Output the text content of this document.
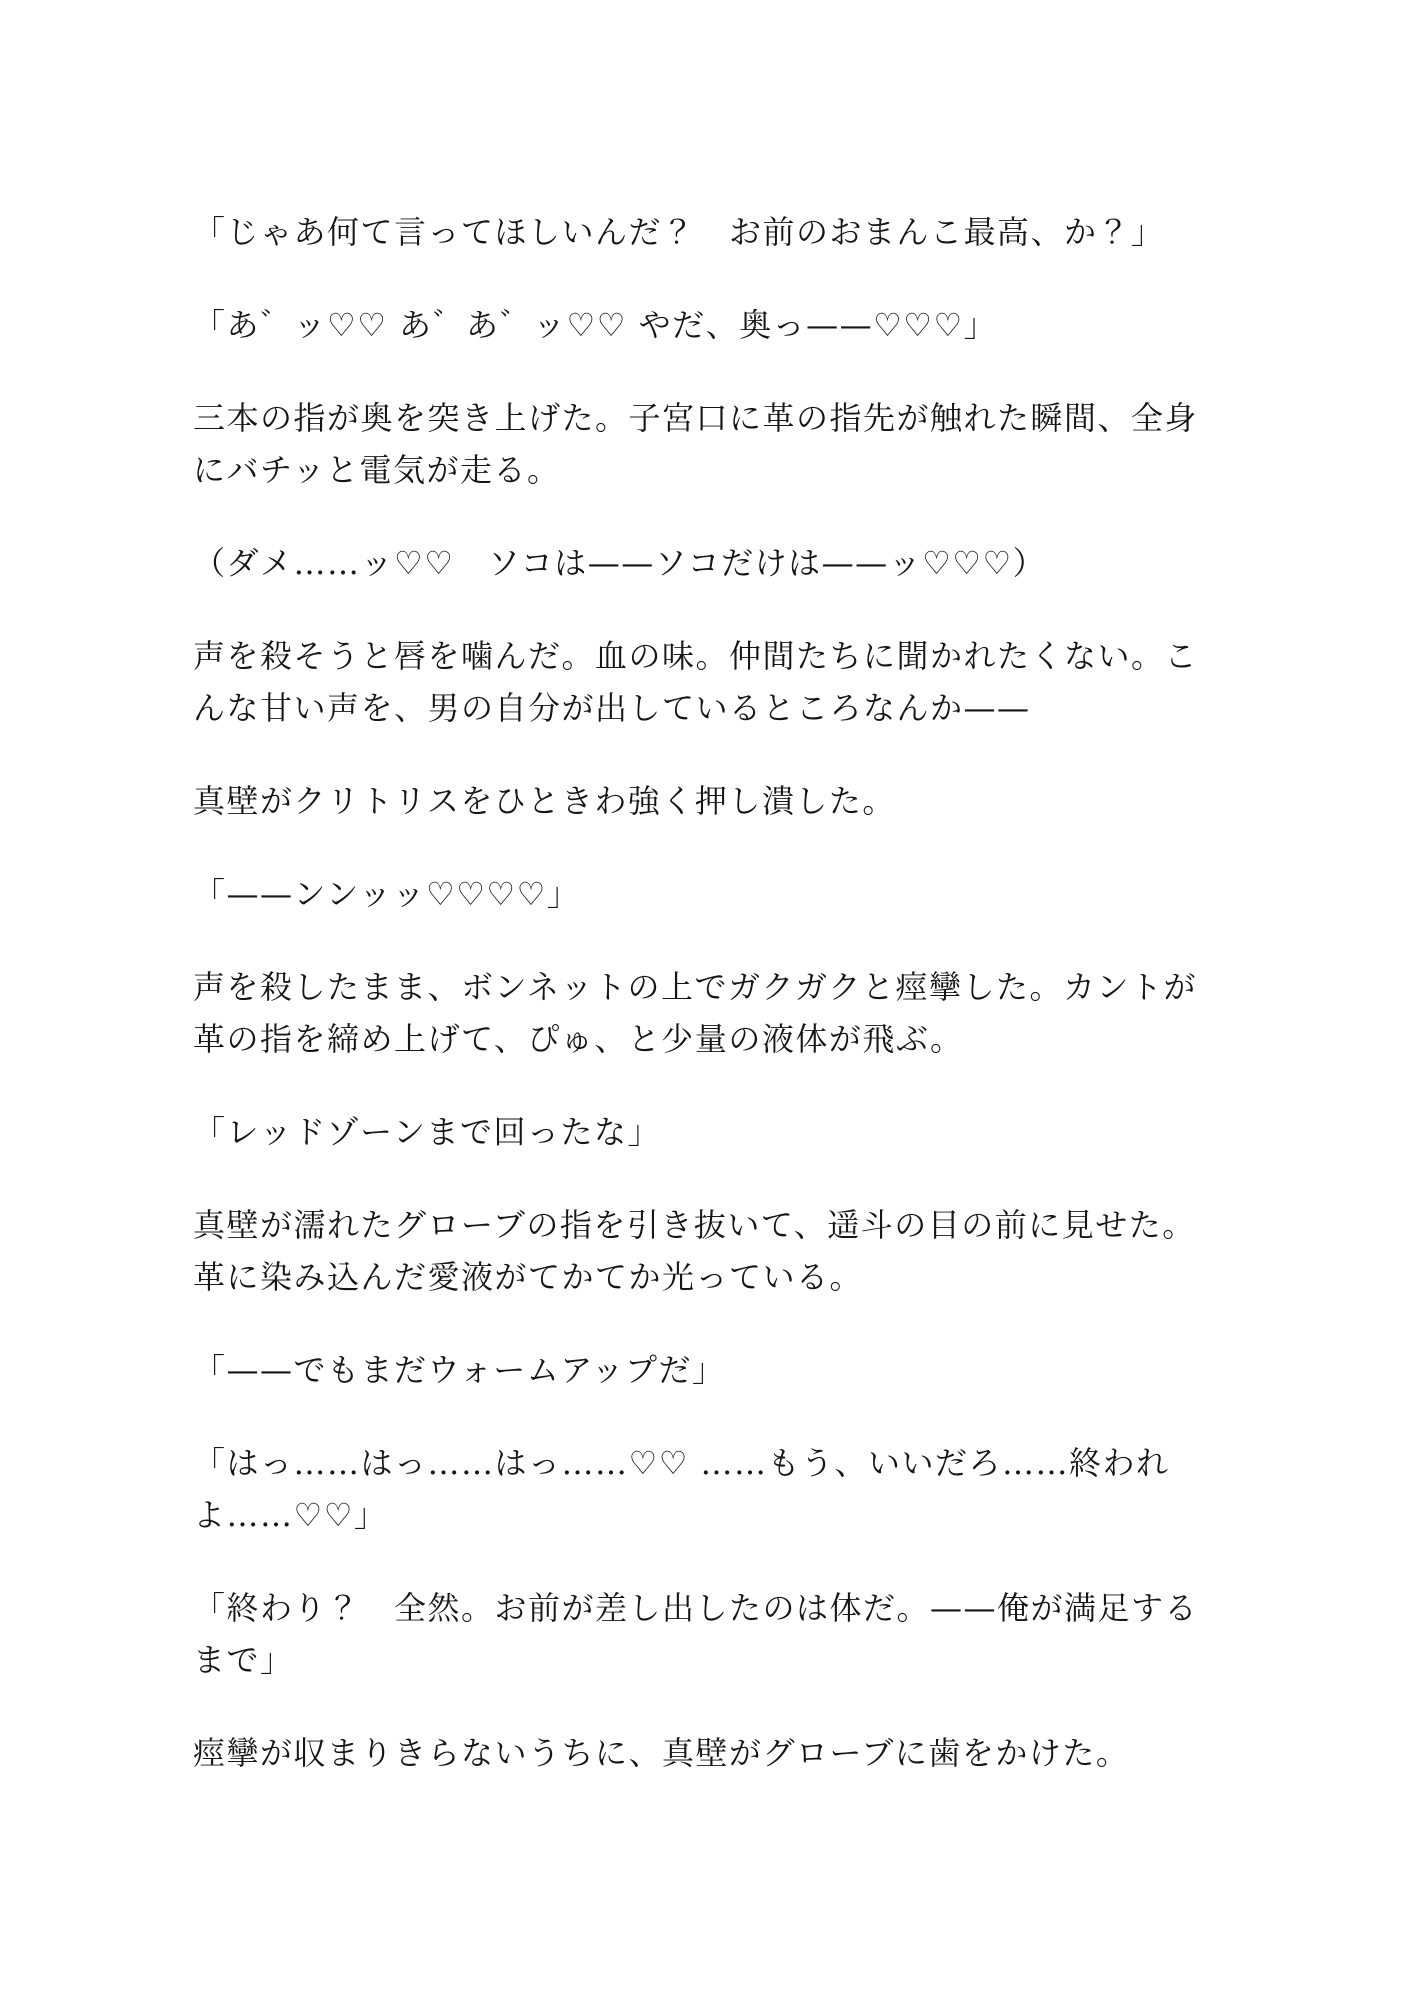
「じゃあ何て言ってほしいんだ？　お前のおまんこ最高、か？」
「あ゛ッ♡♡ あ゛あ゛ッ♡♡ やだ、奥っ——♡♡♡」
三本の指が奥を突き上げた。子宮口に革の指先が触れた瞬間、全身
にバチッと電気が走る。
（ダメ……ッ♡♡　ソコは——ソコだけは——ッ♡♡♡）
声を殺そうと唇を噛んだ。血の味。仲間たちに聞かれたくない。こ
んな甘い声を、男の自分が出しているところなんか——
真壁がクリトリスをひときわ強く押し潰した。
「——ンンッッ♡♡♡♡」
声を殺したまま、ボンネットの上でガクガクと痙攣した。カントが
革の指を締め上げて、ぴゅ、と少量の液体が飛ぶ。
「レッドゾーンまで回ったな」
真壁が濡れたグローブの指を引き抜いて、遥斗の目の前に見せた。
革に染み込んだ愛液がてかてか光っている。
「——でもまだウォームアップだ」
「はっ……はっ……はっ……♡♡ ……もう、いいだろ……終われ
よ……♡♡」
「終わり？　全然。お前が差し出したのは体だ。——俺が満足する
まで」
痙攣が収まりきらないうちに、真壁がグローブに歯をかけた。
